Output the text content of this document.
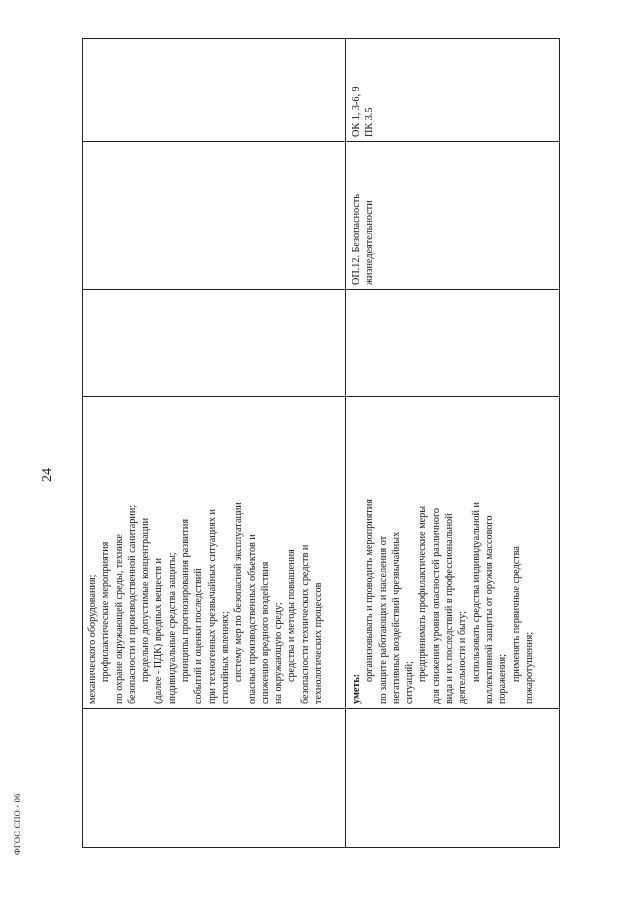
24
ФГОС СПО - 06
механического оборудования; профилактические мероприятия по охране окружающей среды, технике безопасности и производственной санитарии; предельно допустимые концентрации (далее - ПДК) вредных веществ и индивидуальные средства защиты; принципы прогнозирования развития событий и оценки последствий при техногенных чрезвычайных ситуациях и стихийных явлениях; систему мер по безопасной эксплуатации опасных производственных объектов и снижению вредного воздействия на окружающую среду; средства и методы повышения безопасности технических средств и технологических процессов	уметь:
организовывать и проводить мероприятия по защите работающих и населения от негативных воздействий чрезвычайных ситуаций;
предпринимать профилактические меры для снижения уровня опасностей различного вида и их последствий в профессиональной деятельности и быту; использовать средства индивидуальной и коллективной защиты от оружия массового поражения; применять первичные средства пожаротушения;
ОП.12. Безопасность жизнедеятельности
ОК 1, 3-6, 9 ПК 3.5
